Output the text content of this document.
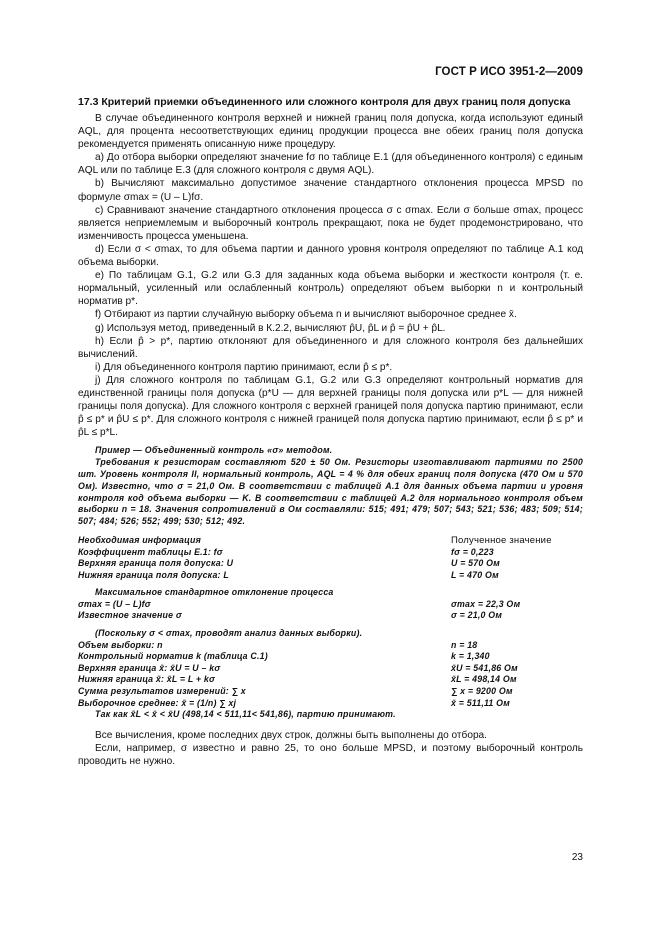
ГОСТ Р ИСО 3951-2—2009
17.3 Критерий приемки объединенного или сложного контроля для двух границ поля допуска

В случае объединенного контроля верхней и нижней границ поля допуска, когда используют единый AQL, для процента несоответствующих единиц продукции процесса вне обеих границ поля допуска рекомендуется применять описанную ниже процедуру.

a) До отбора выборки определяют значение fσ по таблице Е.1 (для объединенного контроля) с единым AQL или по таблице Е.3 (для сложного контроля с двумя AQL).

b) Вычисляют максимально допустимое значение стандартного отклонения процесса MPSD по формуле σmax = (U – L)fσ.

c) Сравнивают значение стандартного отклонения процесса σ с σmax. Если σ больше σmax, процесс является неприемлемым и выборочный контроль прекращают, пока не будет продемонстрировано, что изменчивость процесса уменьшена.

d) Если σ < σmax, то для объема партии и данного уровня контроля определяют по таблице А.1 код объема выборки.

e) По таблицам G.1, G.2 или G.3 для заданных кода объема выборки и жесткости контроля (т. е. нормальный, усиленный или ослабленный контроль) определяют объем выборки n и контрольный норматив p*.

f) Отбирают из партии случайную выборку объема n и вычисляют выборочное среднее x̄.

g) Используя метод, приведенный в К.2.2, вычисляют p̂U, p̂L и p̂ = p̂U + p̂L.

h) Если p̂ > p*, партию отклоняют для объединенного и для сложного контроля без дальнейших вычислений.

i) Для объединенного контроля партию принимают, если p̂ ≤ p*.

j) Для сложного контроля по таблицам G.1, G.2 или G.3 определяют контрольный норматив для единственной границы поля допуска (p*U — для верхней границы поля допуска или p*L — для нижней границы поля допуска). Для сложного контроля с верхней границей поля допуска партию принимают, если p̂ ≤ p* и p̂U ≤ p*. Для сложного контроля с нижней границей поля допуска партию принимают, если p̂ ≤ p* и p̂L ≤ p*L.

Пример — Объединенный контроль «σ» методом.

Требования к резисторам составляют 520 ± 50 Ом. Резисторы изготавливают партиями по 2500 шт. Уровень контроля II, нормальный контроль, AQL = 4 % для обеих границ поля допуска (470 Ом и 570 Ом). Известно, что σ = 21,0 Ом. В соответствии с таблицей А.1 для данных объема партии и уровня контроля код объема выборки — K. В соответствии с таблицей А.2 для нормального контроля объем выборки n = 18. Значения сопротивлений в Ом составляли: 515; 491; 479; 507; 543; 521; 536; 483; 509; 514; 507; 484; 526; 552; 499; 530; 512; 492.

Необходимая информация	Полученное значение
Коэффициент таблицы Е.1: fσ	fσ = 0,223
Верхняя граница поля допуска: U	U = 570 Ом
Нижняя граница поля допуска: L	L = 470 Ом

Максимальное стандартное отклонение процесса	
σmax = (U – L)fσ	σmax = 22,3 Ом
Известное значение σ	σ = 21,0 Ом

(Поскольку σ < σmax, проводят анализ данных выборки).	
Объем выборки: n	n = 18
Контрольный норматив k (таблица С.1)	k = 1,340
Верхняя граница x̄: x̄U = U – kσ	x̄U = 541,86 Ом
Нижняя граница x̄: x̄L = L + kσ	x̄L = 498,14 Ом
Сумма результатов измерений: ∑ x	∑ x = 9200 Ом
Выборочное среднее: x̄ = (1/n) ∑ xj	x̄ = 511,11 Ом

Так как x̄L < x̄ < x̄U (498,14 < 511,11< 541,86), партию принимают.

Все вычисления, кроме последних двух строк, должны быть выполнены до отбора.

Если, например, σ известно и равно 25, то оно больше MPSD, и поэтому выборочный контроль проводить не нужно.

23
